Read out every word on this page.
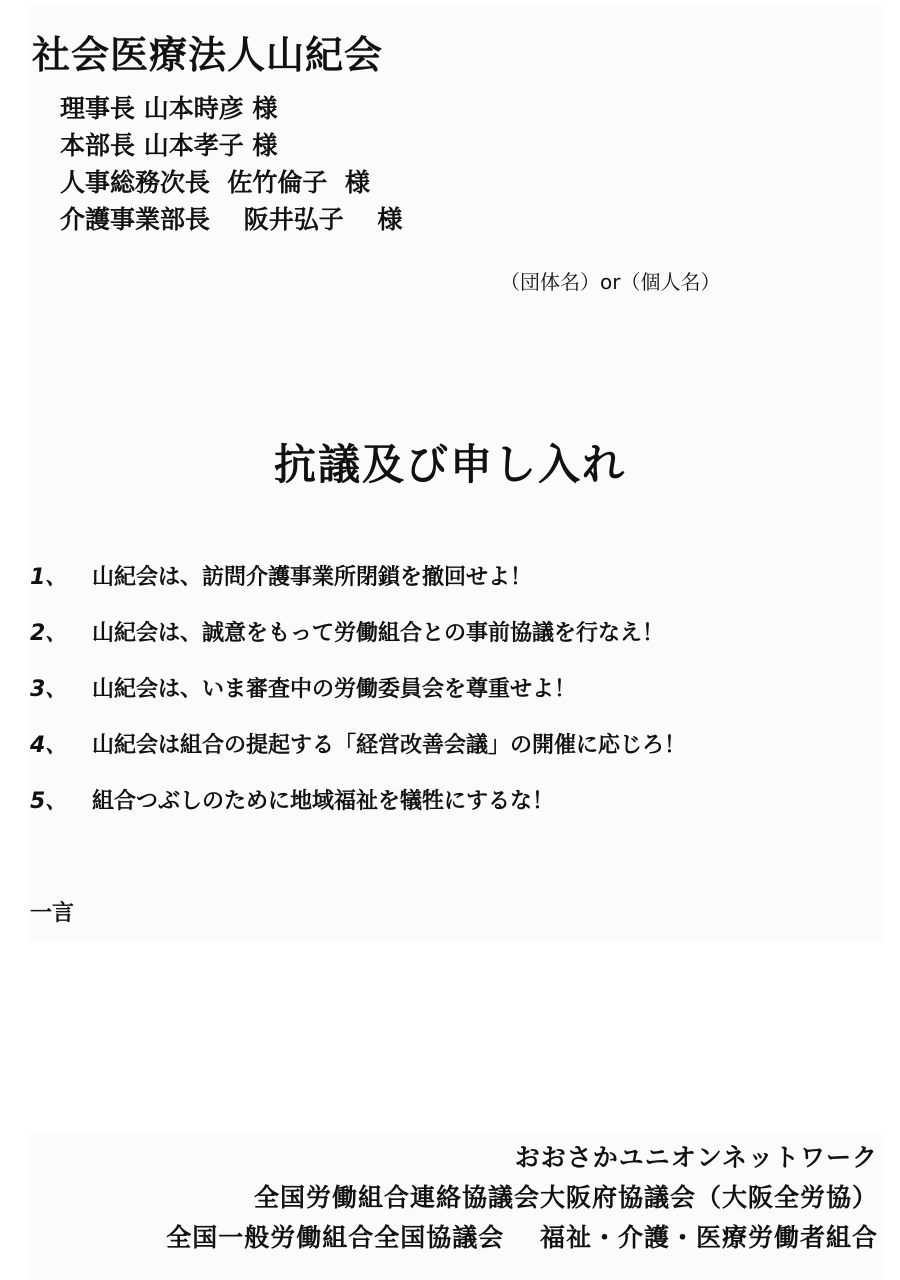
社会医療法人山紀会
理事長 山本時彦 様
本部長 山本孝子 様
人事総務次長  佐竹倫子  様
介護事業部長　 阪井弘子　 様
（団体名）or（個人名）
抗議及び申し入れ
1、 山紀会は、訪問介護事業所閉鎖を撤回せよ！
2、 山紀会は、誠意をもって労働組合との事前協議を行なえ！
3、 山紀会は、いま審査中の労働委員会を尊重せよ！
4、 山紀会は組合の提起する「経営改善会議」の開催に応じろ！
5、 組合つぶしのために地域福祉を犠牲にするな！
一言
おおさかユニオンネットワーク
全国労働組合連絡協議会大阪府協議会（大阪全労協）
全国一般労働組合全国協議会　 福祉・介護・医療労働者組合
